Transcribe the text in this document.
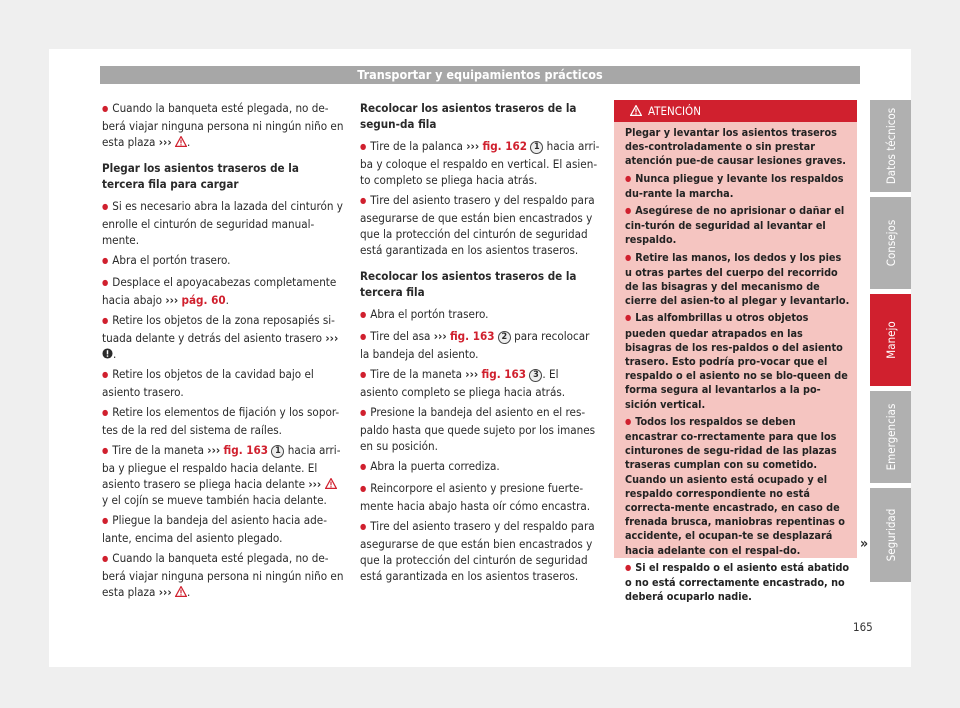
Transportar y equipamientos prácticos
● Cuando la banqueta esté plegada, no de-berá viajar ninguna persona ni ningún niño en esta plaza ››› .
Plegar los asientos traseros de la tercera fila para cargar
● Si es necesario abra la lazada del cinturón y enrolle el cinturón de seguridad manual-mente.
● Abra el portón trasero.
● Desplace el apoyacabezas completamente hacia abajo ››› pág. 60.
● Retire los objetos de la zona reposapiés si-tuada delante y detrás del asiento trasero ››› .
● Retire los objetos de la cavidad bajo el asiento trasero.
● Retire los elementos de fijación y los sopor-tes de la red del sistema de raíles.
● Tire de la maneta ››› fig. 163 1 hacia arri-ba y pliegue el respaldo hacia delante. El asiento trasero se pliega hacia delante ›››  y el cojín se mueve también hacia delante.
● Pliegue la bandeja del asiento hacia ade-lante, encima del asiento plegado.
● Cuando la banqueta esté plegada, no de-berá viajar ninguna persona ni ningún niño en esta plaza ››› .
Recolocar los asientos traseros de la segun-da fila
● Tire de la palanca ››› fig. 162 1 hacia arri-ba y coloque el respaldo en vertical. El asien-to completo se pliega hacia atrás.
● Tire del asiento trasero y del respaldo para asegurarse de que están bien encastrados y que la protección del cinturón de seguridad está garantizada en los asientos traseros.
Recolocar los asientos traseros de la tercera fila
● Abra el portón trasero.
● Tire del asa ››› fig. 163 2 para recolocar la bandeja del asiento.
● Tire de la maneta ››› fig. 163 3 . El asiento completo se pliega hacia atrás.
● Presione la bandeja del asiento en el res-paldo hasta que quede sujeto por los imanes en su posición.
● Abra la puerta corrediza.
● Reincorpore el asiento y presione fuerte-mente hacia abajo hasta oír cómo encastra.
● Tire del asiento trasero y del respaldo para asegurarse de que están bien encastrados y que la protección del cinturón de seguridad está garantizada en los asientos traseros.
ATENCIÓN
Plegar y levantar los asientos traseros des-controladamente o sin prestar atención pue-de causar lesiones graves.
● Nunca pliegue y levante los respaldos du-rante la marcha.
● Asegúrese de no aprisionar o dañar el cin-turón de seguridad al levantar el respaldo.
● Retire las manos, los dedos y los pies u otras partes del cuerpo del recorrido de las bisagras y del mecanismo de cierre del asien-to al plegar y levantarlo.
● Las alfombrillas u otros objetos pueden quedar atrapados en las bisagras de los res-paldos o del asiento trasero. Esto podría pro-vocar que el respaldo o el asiento no se blo-queen de forma segura al levantarlos a la po-sición vertical.
● Todos los respaldos se deben encastrar co-rrectamente para que los cinturones de segu-ridad de las plazas traseras cumplan con su cometido. Cuando un asiento está ocupado y el respaldo correspondiente no está correcta-mente encastrado, en caso de frenada brusca, maniobras repentinas o accidente, el ocupan-te se desplazará hacia adelante con el respal-do.
● Si el respaldo o el asiento está abatido o no está correctamente encastrado, no deberá ocuparlo nadie.
»
Datos técnicos
Consejos
Manejo
Emergencias
Seguridad
165
